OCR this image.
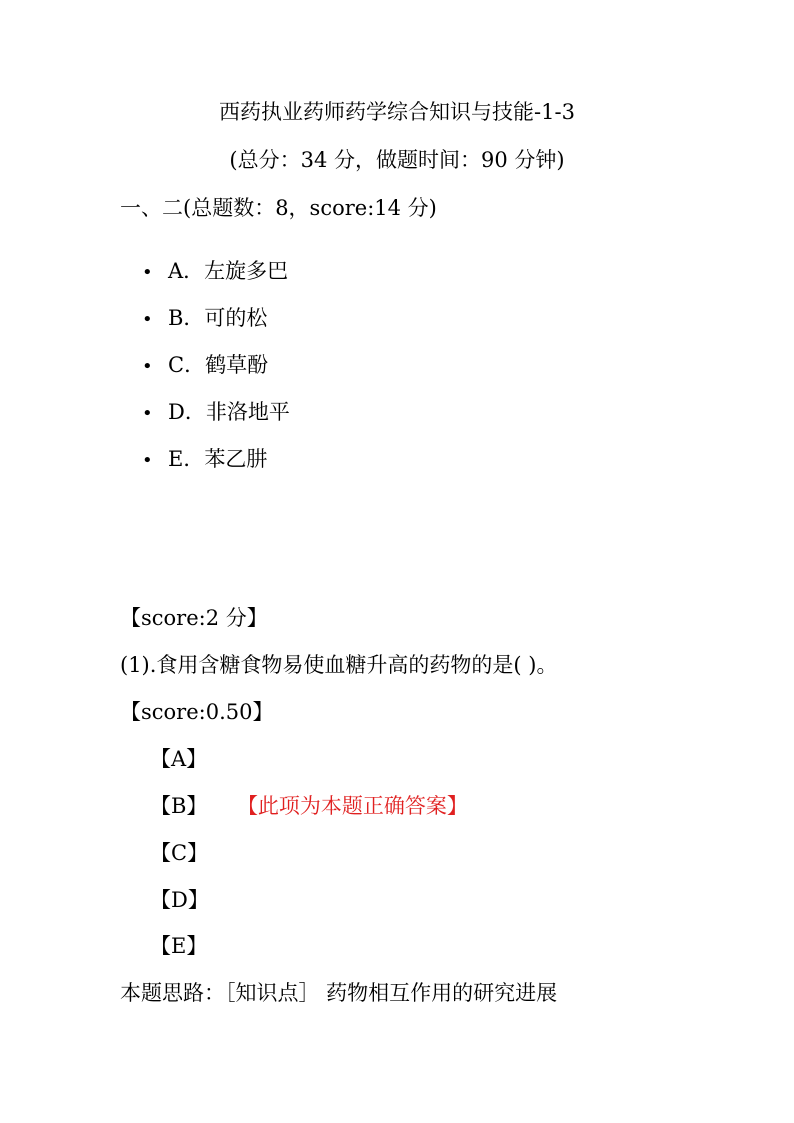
西药执业药师药学综合知识与技能-1-3
(总分：34 分，做题时间：90 分钟)
一、二(总题数：8，score:14 分)
• A．左旋多巴
• B．可的松
• C．鹤草酚
• D．非洛地平
• E．苯乙肼
【score:2 分】
(1).食用含糖食物易使血糖升高的药物的是( )。
【score:0.50】
【A】
【B】 【此项为本题正确答案】
【C】
【D】
【E】
本题思路：［知识点］ 药物相互作用的研究进展
